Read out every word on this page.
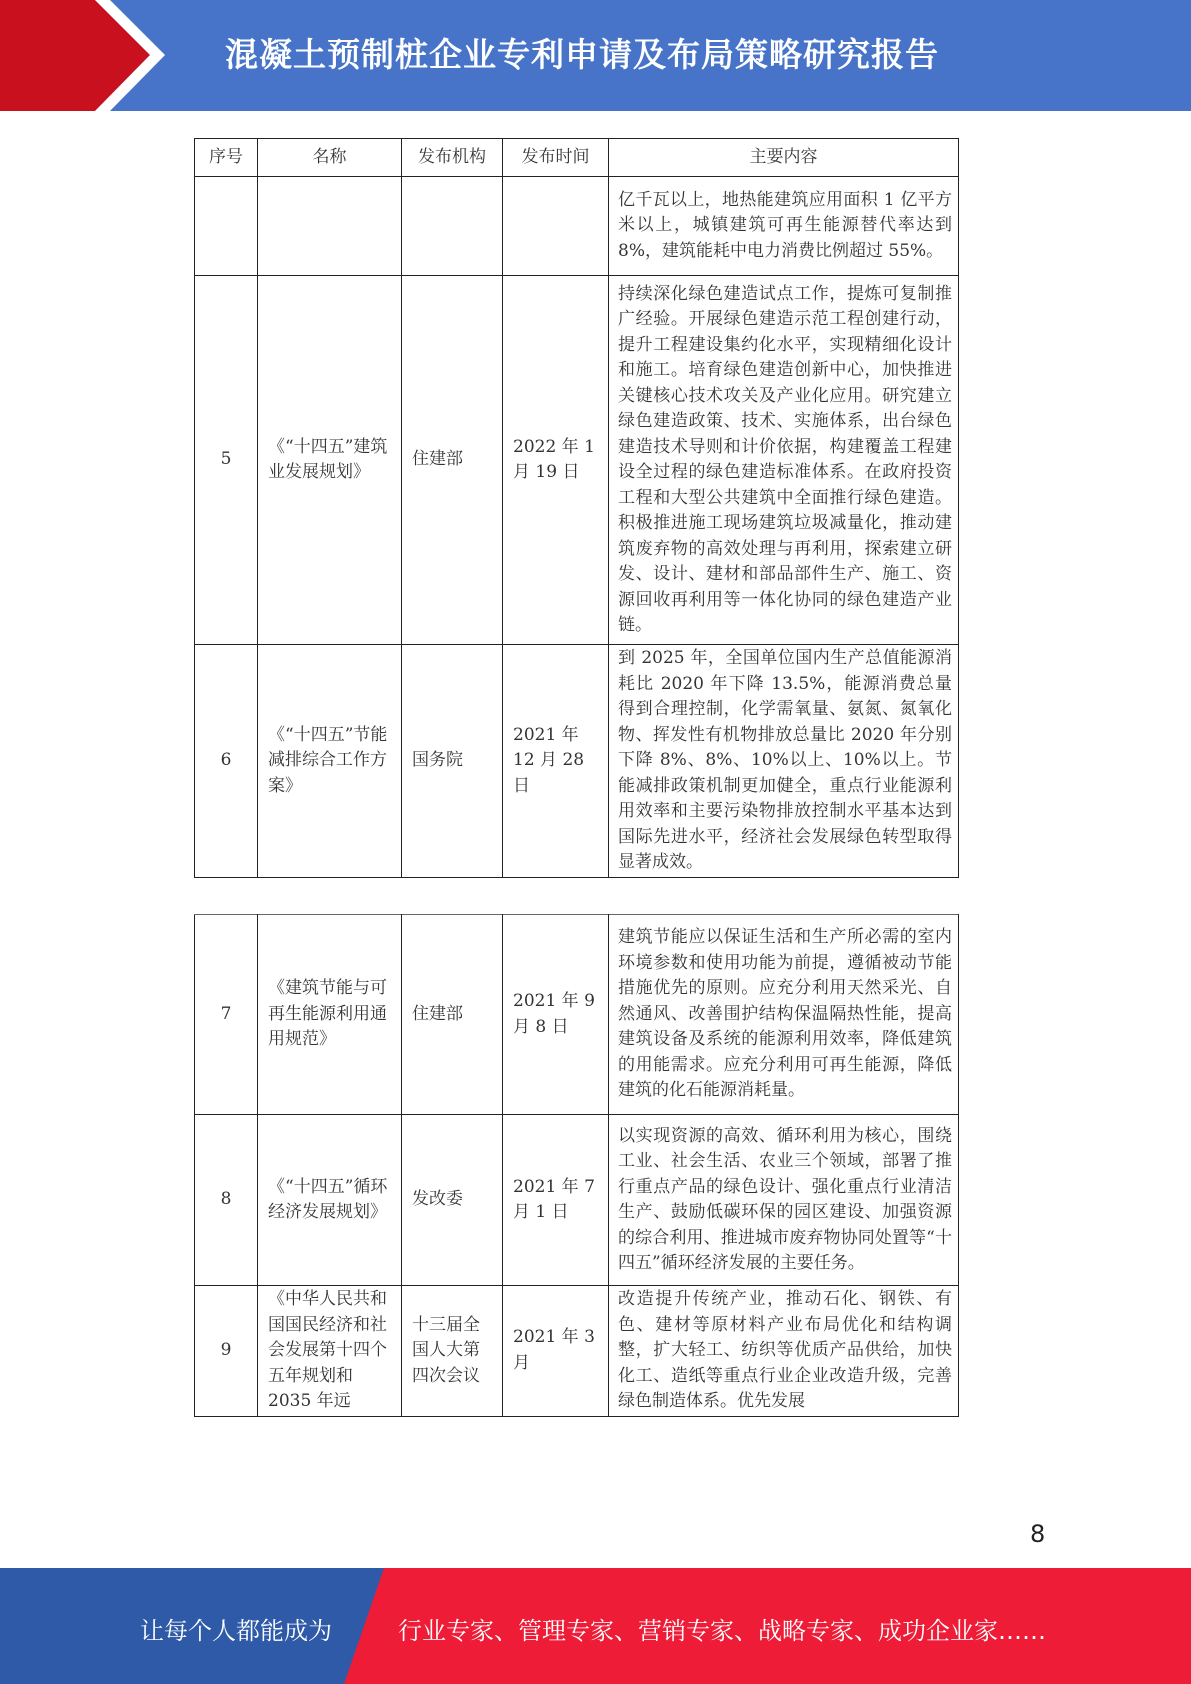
混凝土预制桩企业专利申请及布局策略研究报告
序号	名称	发布机构	发布时间	主要内容
				亿千瓦以上，地热能建筑应用面积 1 亿平方米以上，城镇建筑可再生能源替代率达到 8%，建筑能耗中电力消费比例超过 55%。
5	《“十四五”建筑业发展规划》	住建部	2022 年 1 月 19 日	持续深化绿色建造试点工作，提炼可复制推广经验。开展绿色建造示范工程创建行动，提升工程建设集约化水平，实现精细化设计和施工。培育绿色建造创新中心，加快推进关键核心技术攻关及产业化应用。研究建立绿色建造政策、技术、实施体系，出台绿色建造技术导则和计价依据，构建覆盖工程建设全过程的绿色建造标准体系。在政府投资工程和大型公共建筑中全面推行绿色建造。积极推进施工现场建筑垃圾减量化，推动建筑废弃物的高效处理与再利用，探索建立研发、设计、建材和部品部件生产、施工、资源回收再利用等一体化协同的绿色建造产业链。
6	《“十四五”节能减排综合工作方案》	国务院	2021 年 12 月 28 日	到 2025 年，全国单位国内生产总值能源消耗比 2020 年下降 13.5%，能源消费总量得到合理控制，化学需氧量、氨氮、氮氧化物、挥发性有机物排放总量比 2020 年分别下降 8%、8%、10%以上、10%以上。节能减排政策机制更加健全，重点行业能源利用效率和主要污染物排放控制水平基本达到国际先进水平，经济社会发展绿色转型取得显著成效。
7	《建筑节能与可再生能源利用通用规范》	住建部	2021 年 9 月 8 日	建筑节能应以保证生活和生产所必需的室内环境参数和使用功能为前提，遵循被动节能措施优先的原则。应充分利用天然采光、自然通风、改善围护结构保温隔热性能，提高建筑设备及系统的能源利用效率，降低建筑的用能需求。应充分利用可再生能源，降低建筑的化石能源消耗量。
8	《“十四五”循环经济发展规划》	发改委	2021 年 7 月 1 日	以实现资源的高效、循环利用为核心，围绕工业、社会生活、农业三个领域，部署了推行重点产品的绿色设计、强化重点行业清洁生产、鼓励低碳环保的园区建设、加强资源的综合利用、推进城市废弃物协同处置等“十四五”循环经济发展的主要任务。
9	《中华人民共和国国民经济和社会发展第十四个五年规划和 2035 年远	十三届全国人大第四次会议	2021 年 3 月	改造提升传统产业，推动石化、钢铁、有色、建材等原材料产业布局优化和结构调整，扩大轻工、纺织等优质产品供给，加快化工、造纸等重点行业企业改造升级，完善绿色制造体系。优先发展
8
让每个人都能成为	行业专家、管理专家、营销专家、战略专家、成功企业家……
